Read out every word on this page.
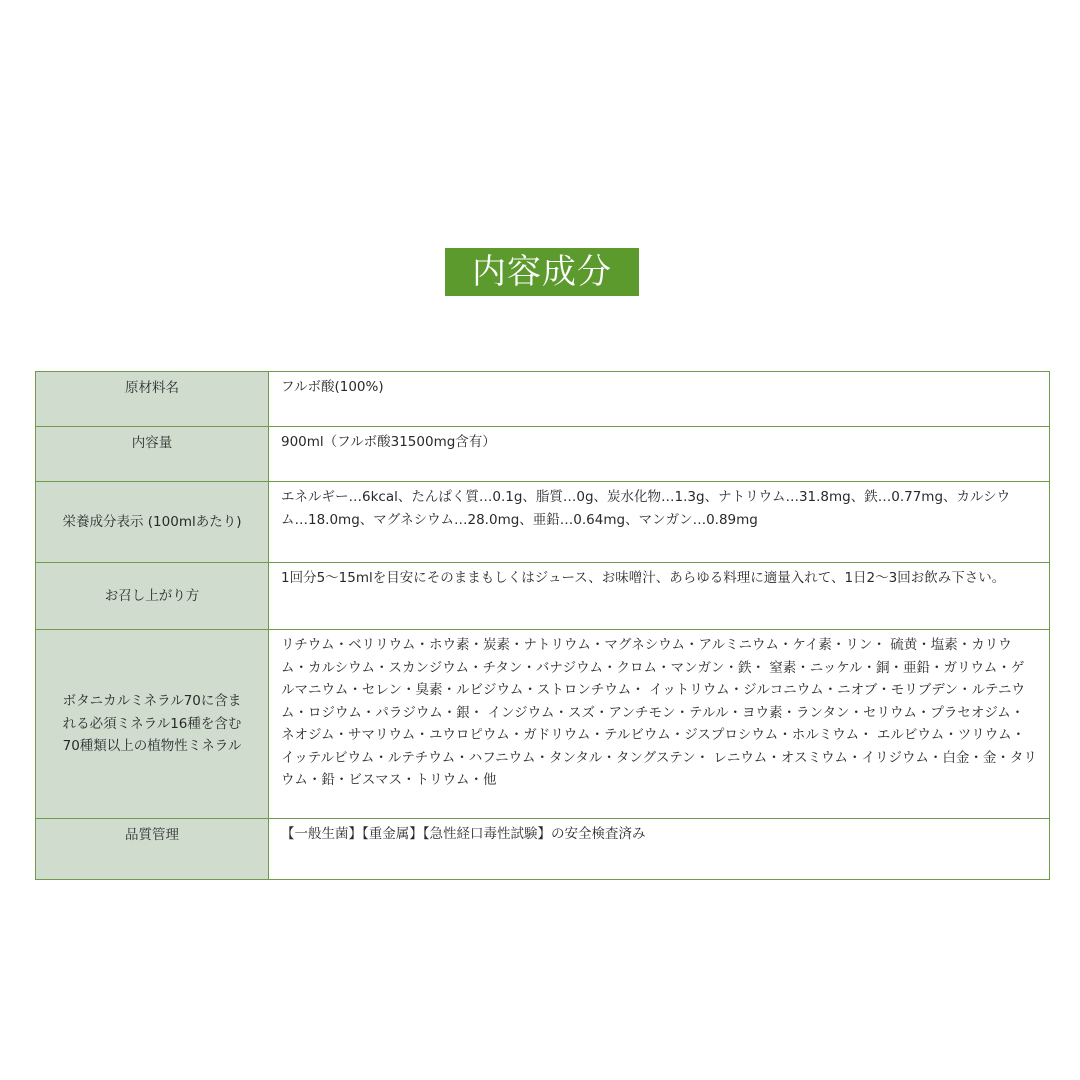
内容成分
原材料名	フルボ酸(100%)
内容量	900ml（フルボ酸31500mg含有）
栄養成分表示 (100mlあたり)	エネルギー…6kcal、たんぱく質…0.1g、脂質…0g、炭水化物…1.3g、ナトリウム…31.8mg、鉄…0.77mg、カルシウム…18.0mg、マグネシウム…28.0mg、亜鉛…0.64mg、マンガン…0.89mg
お召し上がり方	1回分5〜15mlを目安にそのままもしくはジュース、お味噌汁、あらゆる料理に適量入れて、1日2〜3回お飲み下さい。
ボタニカルミネラル70に含まれる必須ミネラル16種を含む70種類以上の植物性ミネラル	リチウム・ベリリウム・ホウ素・炭素・ナトリウム・マグネシウム・アルミニウム・ケイ素・リン・ 硫黄・塩素・カリウム・カルシウム・スカンジウム・チタン・バナジウム・クロム・マンガン・鉄・ 窒素・ニッケル・銅・亜鉛・ガリウム・ゲルマニウム・セレン・臭素・ルビジウム・ストロンチウム・ イットリウム・ジルコニウム・ニオブ・モリブデン・ルテニウム・ロジウム・パラジウム・銀・ インジウム・スズ・アンチモン・テルル・ヨウ素・ランタン・セリウム・プラセオジム・ ネオジム・サマリウム・ユウロピウム・ガドリウム・テルビウム・ジスプロシウム・ホルミウム・ エルビウム・ツリウム・イッテルビウム・ルテチウム・ハフニウム・タンタル・タングステン・ レニウム・オスミウム・イリジウム・白金・金・タリウム・鉛・ビスマス・トリウム・他
品質管理	【一般生菌】【重金属】【急性経口毒性試験】の安全検査済み
